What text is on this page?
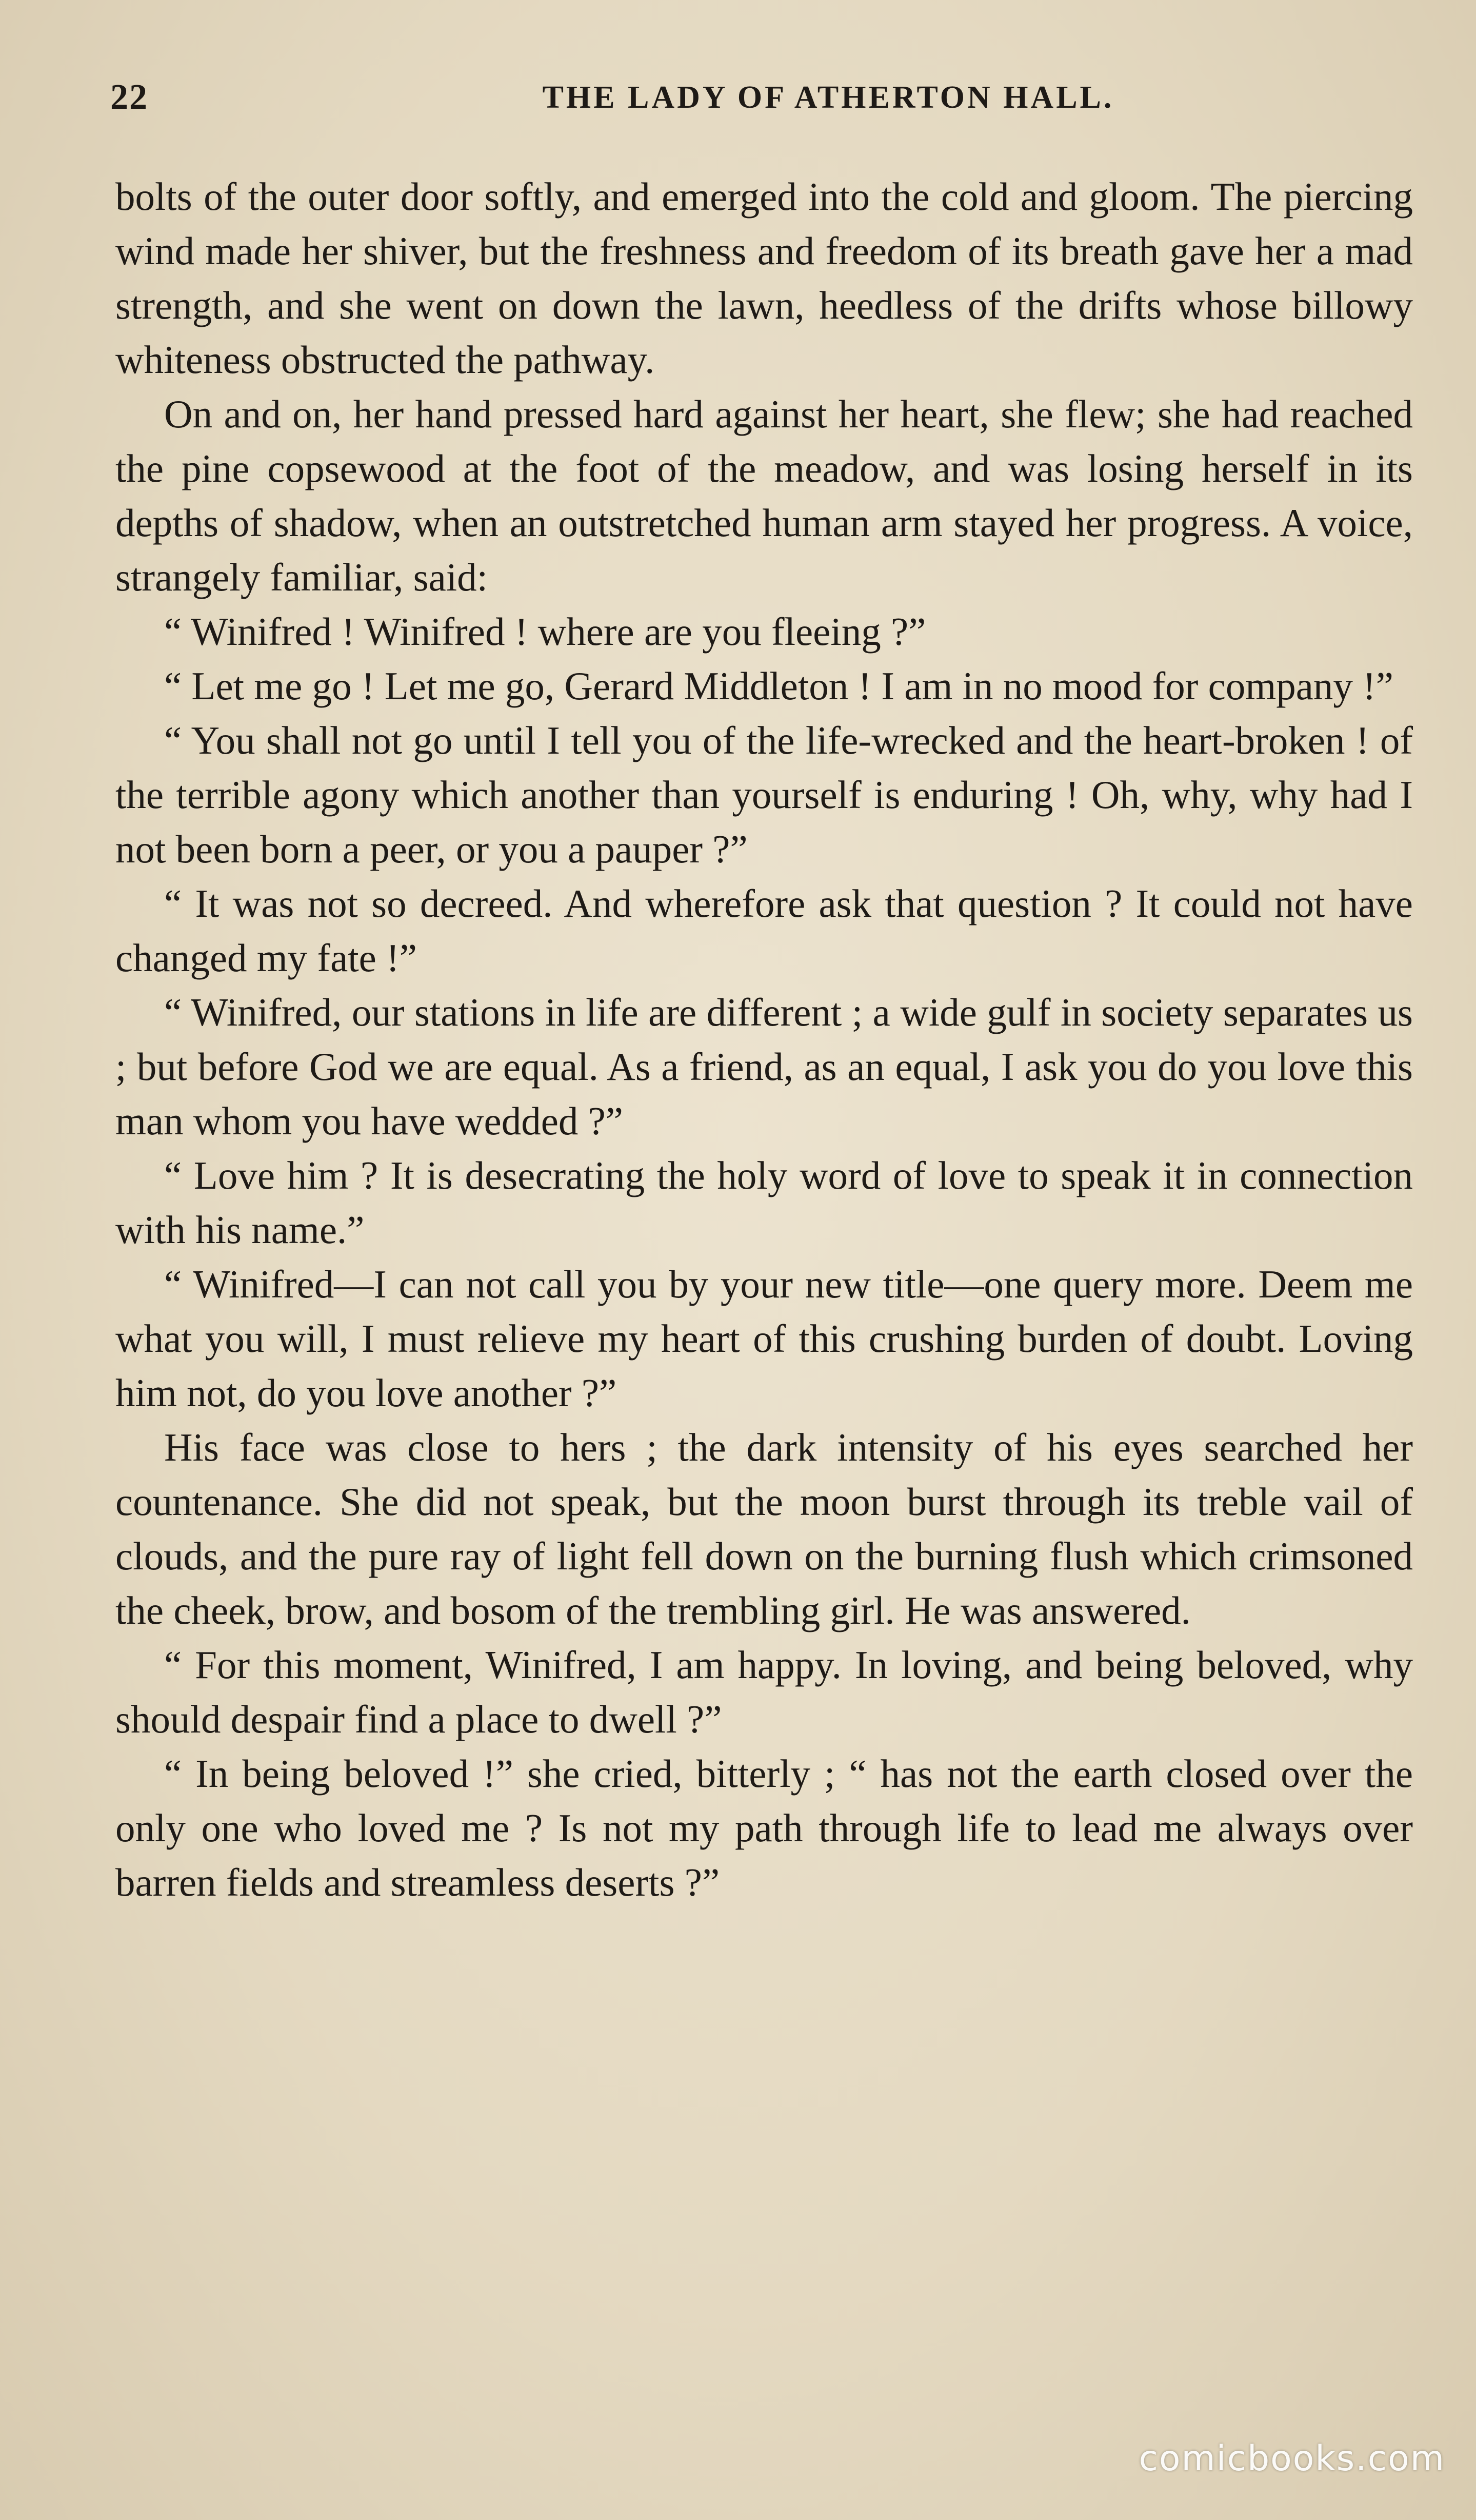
22	THE LADY OF ATHERTON HALL.

bolts of the outer door softly, and emerged into the cold and gloom. The piercing wind made her shiver, but the freshness and freedom of its breath gave her a mad strength, and she went on down the lawn, heedless of the drifts whose billowy whiteness obstructed the pathway.

On and on, her hand pressed hard against her heart, she flew; she had reached the pine copsewood at the foot of the meadow, and was losing herself in its depths of shadow, when an outstretched human arm stayed her progress. A voice, strangely familiar, said:

“ Winifred ! Winifred ! where are you fleeing ?”

“ Let me go ! Let me go, Gerard Middleton ! I am in no mood for company !”

“ You shall not go until I tell you of the life-wrecked and the heart-broken ! of the terrible agony which another than yourself is enduring ! Oh, why, why had I not been born a peer, or you a pauper ?”

“ It was not so decreed. And wherefore ask that question ? It could not have changed my fate !”

“ Winifred, our stations in life are different ; a wide gulf in society separates us ; but before God we are equal. As a friend, as an equal, I ask you do you love this man whom you have wedded ?”

“ Love him ? It is desecrating the holy word of love to speak it in connection with his name.”

“ Winifred—I can not call you by your new title—one query more. Deem me what you will, I must relieve my heart of this crushing burden of doubt. Loving him not, do you love another ?”

His face was close to hers ; the dark intensity of his eyes searched her countenance. She did not speak, but the moon burst through its treble vail of clouds, and the pure ray of light fell down on the burning flush which crimsoned the cheek, brow, and bosom of the trembling girl. He was answered.

“ For this moment, Winifred, I am happy. In loving, and being beloved, why should despair find a place to dwell ?”

“ In being beloved !” she cried, bitterly ; “ has not the earth closed over the only one who loved me ? Is not my path through life to lead me always over barren fields and streamless deserts ?”

comicbooks.com
